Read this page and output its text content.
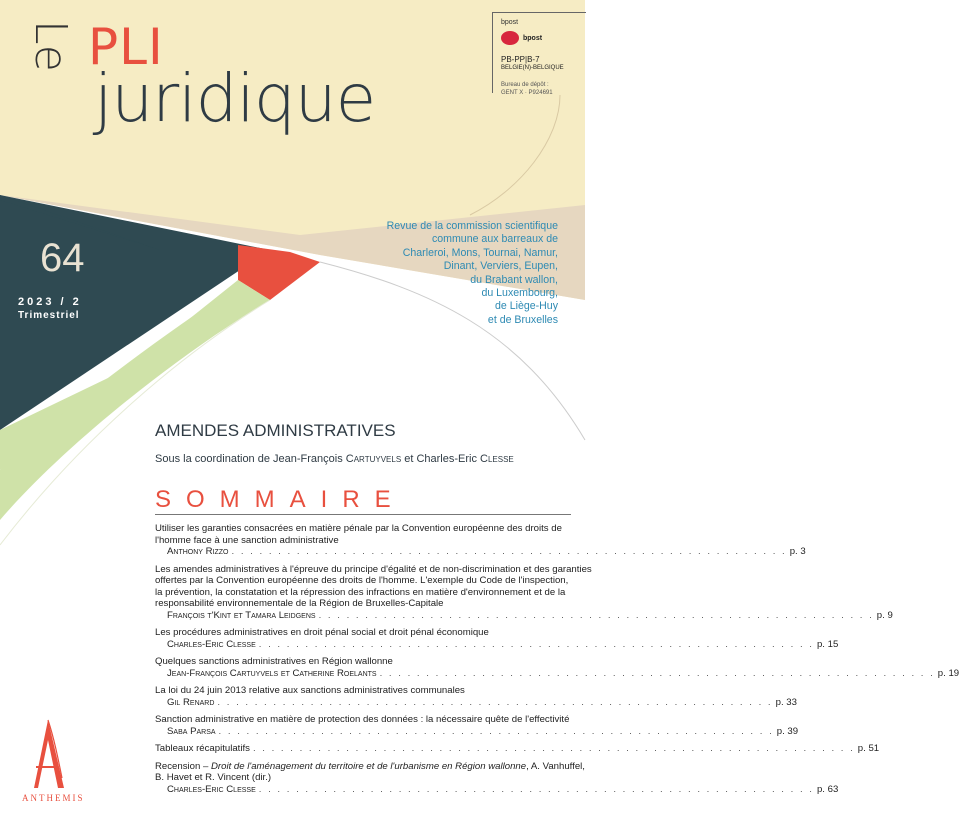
Le PLI
juridique
bpost
bpost
PB-PP|B-7
BELGIE(N)-BELGIQUE
Bureau de dépôt :
GENT X · P924691
64
2023 / 2
Trimestriel
Revue de la commission scientifique
commune aux barreaux de
Charleroi, Mons, Tournai, Namur,
Dinant, Verviers, Eupen,
du Brabant wallon,
du Luxembourg,
de Liège-Huy
et de Bruxelles
AMENDES ADMINISTRATIVES
Sous la coordination de Jean-François Cartuyvels et Charles-Eric Clesse
SOMMAIRE
Utiliser les garanties consacrées en matière pénale par la Convention européenne des droits de
l'homme face à une sanction administrative
Anthony Rizzo . . . . . . . . . . . . . . . . . . . . . . . . . . . . . . . . . . . . . . . . . . . . . . . . . . . . . . . . . . . . p. 3
Les amendes administratives à l'épreuve du principe d'égalité et de non-discrimination et des garanties
offertes par la Convention européenne des droits de l'homme. L'exemple du Code de l'inspection,
la prévention, la constatation et la répression des infractions en matière d'environnement et de la
responsabilité environnementale de la Région de Bruxelles-Capitale
François t'Kint et Tamara Leidgens . . . . . . . . . . . . . . . . . . . . . . . . . . . . . . . . . . . . . . . . . . . . . . . . . . . . . . . . . . . . p. 9
Les procédures administratives en droit pénal social et droit pénal économique
Charles-Eric Clesse . . . . . . . . . . . . . . . . . . . . . . . . . . . . . . . . . . . . . . . . . . . . . . . . . . . . . . . . . . . . p. 15
Quelques sanctions administratives en Région wallonne
Jean-François Cartuyvels et Catherine Roelants . . . . . . . . . . . . . . . . . . . . . . . . . . . . . . . . . . . . . . . . . . . . . . . . . . . . . . . . . . . . p. 19
La loi du 24 juin 2013 relative aux sanctions administratives communales
Gil Renard . . . . . . . . . . . . . . . . . . . . . . . . . . . . . . . . . . . . . . . . . . . . . . . . . . . . . . . . . . . . p. 33
Sanction administrative en matière de protection des données : la nécessaire quête de l'effectivité
Saba Parsa . . . . . . . . . . . . . . . . . . . . . . . . . . . . . . . . . . . . . . . . . . . . . . . . . . . . . . . . . . . . p. 39
Tableaux récapitulatifs . . . . . . . . . . . . . . . . . . . . . . . . . . . . . . . . . . . . . . . . . . . . . . . . . . . . . . . . . . . . . . . . . p. 51
Recension – Droit de l'aménagement du territoire et de l'urbanisme en Région wallonne, A. Vanhuffel,
B. Havet et R. Vincent (dir.)
Charles-Eric Clesse . . . . . . . . . . . . . . . . . . . . . . . . . . . . . . . . . . . . . . . . . . . . . . . . . . . . . . . . . . . . p. 63
ANTHEMIS
